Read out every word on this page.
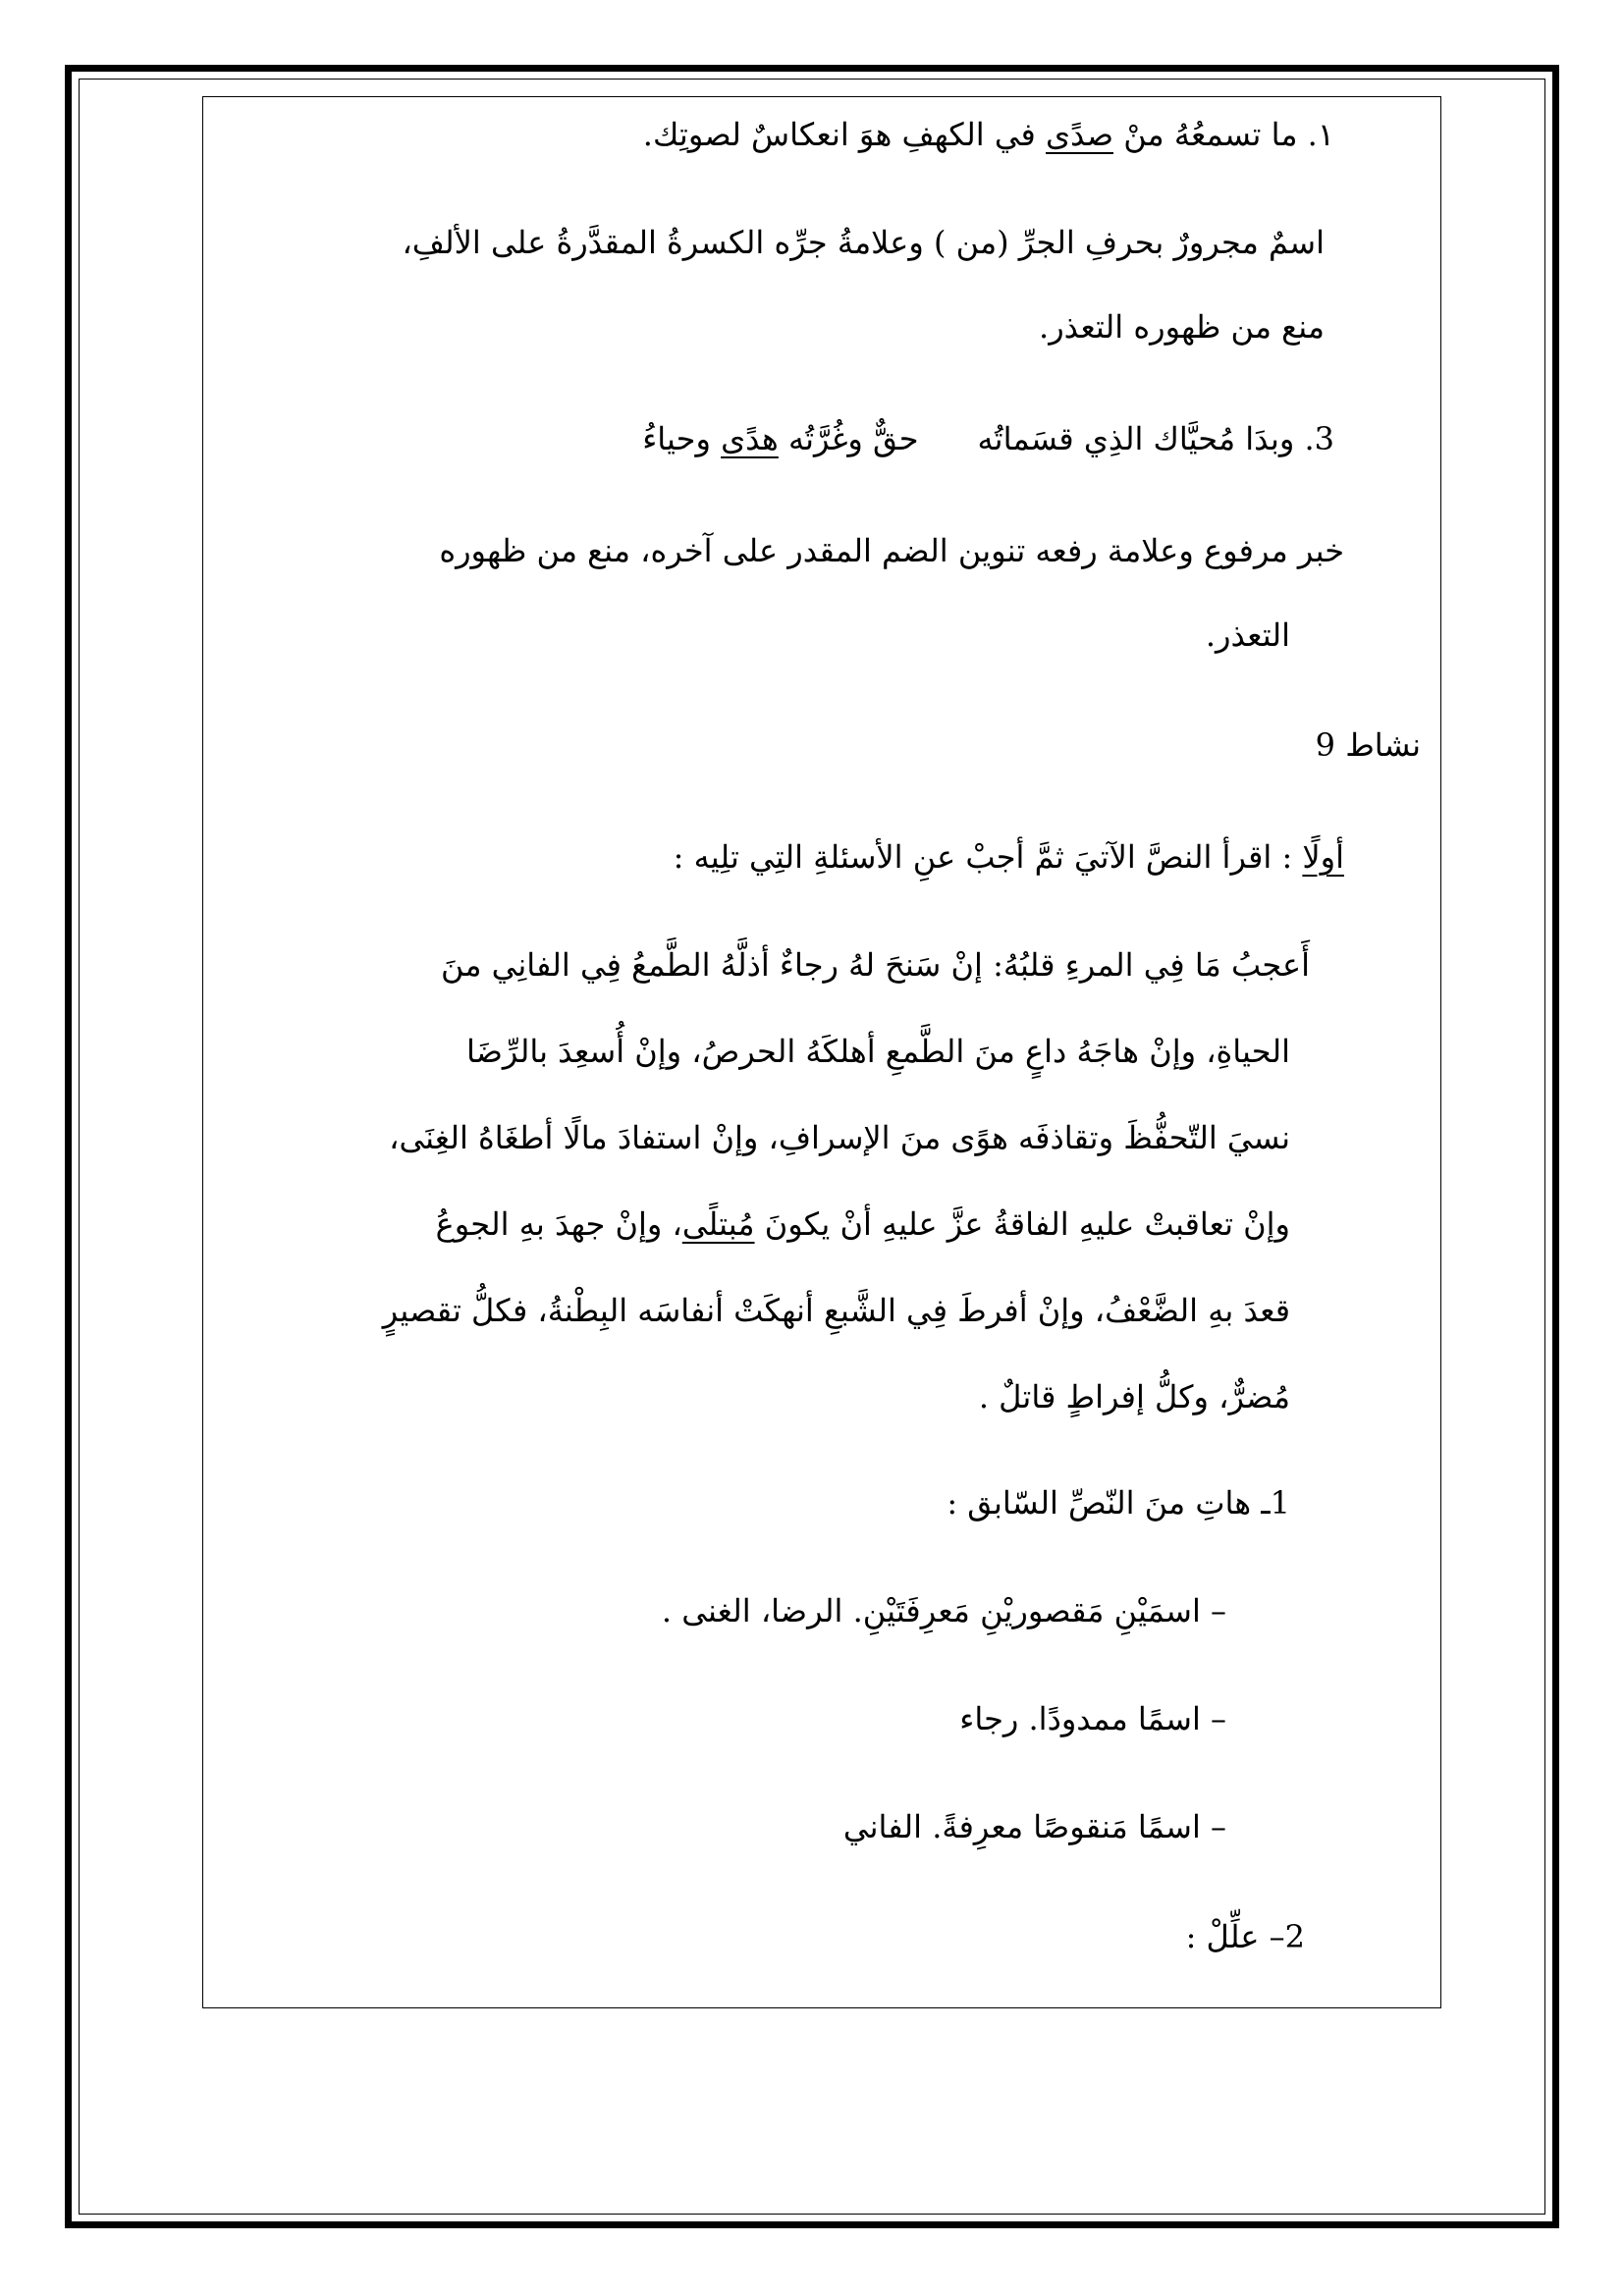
١. ما تسمعُهُ منْ صدًى في الكهفِ هوَ انعكاسٌ لصوتِك.
اسمٌ مجرورٌ بحرفِ الجرِّ (من ) وعلامةُ جرِّه الكسرةُ المقدَّرةُ على الألفِ،
منع من ظهوره التعذر.
3. وبدَا مُحيَّاك الذِي قسَماتُهحقٌّ وغُرَّتُه هدًى وحياءُ
خبر مرفوع وعلامة رفعه تنوين الضم المقدر على آخره، منع من ظهوره
التعذر.
نشاط 9
أولًا : اقرأ النصَّ الآتيَ ثمَّ أجبْ عنِ الأسئلةِ التِي تلِيه :
أَعجبُ مَا فِي المرءِ قلبُهُ: إنْ سَنحَ لهُ رجاءٌ أذلَّهُ الطَّمعُ فِي الفانِي منَ
الحياةِ، وإنْ هاجَهُ داعٍ منَ الطَّمعِ أهلكَهُ الحرصُ، وإنْ أُسعِدَ بالرِّضَا
نسيَ التّحفُّظَ وتقاذفَه هوًى منَ الإسرافِ، وإنْ استفادَ مالًا أطغَاهُ الغِنَى،
وإنْ تعاقبتْ عليهِ الفاقةُ عزَّ عليهِ أنْ يكونَ مُبتلًى، وإنْ جهدَ بهِ الجوعُ
قعدَ بهِ الضَّعْفُ، وإنْ أفرطَ فِي الشَّبعِ أنهكَتْ أنفاسَه البِطْنةُ، فكلُّ تقصيرٍ
مُضرٌّ، وكلُّ إفراطٍ قاتلٌ .
1ـ هاتِ منَ النّصِّ السّابق :
– اسمَيْنِ مَقصوريْنِ مَعرِفَتَيْنِ. الرضا، الغنى .
– اسمًا ممدودًا. رجاء
– اسمًا مَنقوصًا معرِفةً. الفاني
2– علِّلْ :
